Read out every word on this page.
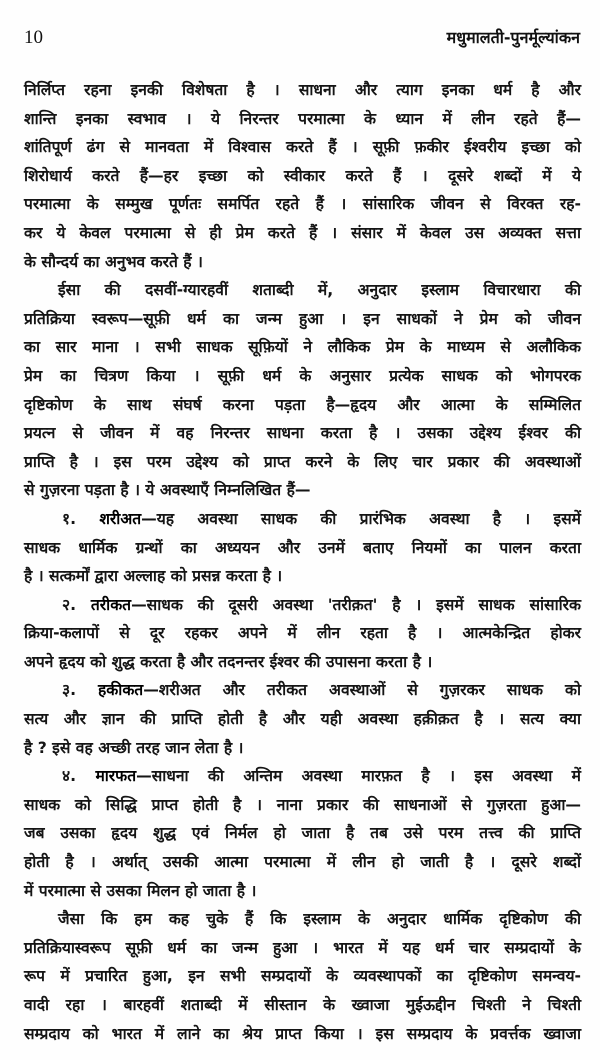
10	मधुमालती-पुनर्मूल्यांकन
निर्लिप्त रहना इनकी विशेषता है । साधना और त्याग इनका धर्म है और
शान्ति इनका स्वभाव । ये निरन्तर परमात्मा के ध्यान में लीन रहते हैं—
शांतिपूर्ण ढंग से मानवता में विश्वास करते हैं । सूफ़ी फ़कीर ईश्वरीय इच्छा को
शिरोधार्य करते हैं—हर इच्छा को स्वीकार करते हैं । दूसरे शब्दों में ये
परमात्मा के सम्मुख पूर्णतः समर्पित रहते हैं । सांसारिक जीवन से विरक्त रह-
कर ये केवल परमात्मा से ही प्रेम करते हैं । संसार में केवल उस अव्यक्त सत्ता
के सौन्दर्य का अनुभव करते हैं ।
ईसा की दसवीं-ग्यारहवीं शताब्दी में, अनुदार इस्लाम विचारधारा की
प्रतिक्रिया स्वरूप—सूफ़ी धर्म का जन्म हुआ । इन साधकों ने प्रेम को जीवन
का सार माना । सभी साधक सूफ़ियों ने लौकिक प्रेम के माध्यम से अलौकिक
प्रेम का चित्रण किया । सूफ़ी धर्म के अनुसार प्रत्येक साधक को भोगपरक
दृष्टिकोण के साथ संघर्ष करना पड़ता है—हृदय और आत्मा के सम्मिलित
प्रयत्न से जीवन में वह निरन्तर साधना करता है । उसका उद्देश्य ईश्वर की
प्राप्ति है । इस परम उद्देश्य को प्राप्त करने के लिए चार प्रकार की अवस्थाओं
से गुज़रना पड़ता है । ये अवस्थाएँ निम्नलिखित हैं—
१. शरीअत—यह अवस्था साधक की प्रारंभिक अवस्था है । इसमें
साधक धार्मिक ग्रन्थों का अध्ययन और उनमें बताए नियमों का पालन करता
है । सत्कर्मों द्वारा अल्लाह को प्रसन्न करता है ।
२. तरीकत—साधक की दूसरी अवस्था 'तरीक़त' है । इसमें साधक सांसारिक
क्रिया-कलापों से दूर रहकर अपने में लीन रहता है । आत्मकेन्द्रित होकर
अपने हृदय को शुद्ध करता है और तदनन्तर ईश्वर की उपासना करता है ।
३. हकीकत—शरीअत और तरीकत अवस्थाओं से गुज़रकर साधक को
सत्य और ज्ञान की प्राप्ति होती है और यही अवस्था हक़ीक़त है । सत्य क्या
है ? इसे वह अच्छी तरह जान लेता है ।
४. मारफत—साधना की अन्तिम अवस्था मारफ़त है । इस अवस्था में
साधक को सिद्धि प्राप्त होती है । नाना प्रकार की साधनाओं से गुज़रता हुआ—
जब उसका हृदय शुद्ध एवं निर्मल हो जाता है तब उसे परम तत्त्व की प्राप्ति
होती है । अर्थात् उसकी आत्मा परमात्मा में लीन हो जाती है । दूसरे शब्दों
में परमात्मा से उसका मिलन हो जाता है ।
जैसा कि हम कह चुके हैं कि इस्लाम के अनुदार धार्मिक दृष्टिकोण की
प्रतिक्रियास्वरूप सूफ़ी धर्म का जन्म हुआ । भारत में यह धर्म चार सम्प्रदायों के
रूप में प्रचारित हुआ, इन सभी सम्प्रदायों के व्यवस्थापकों का दृष्टिकोण समन्वय-
वादी रहा । बारहवीं शताब्दी में सीस्तान के ख्वाजा मुईऊद्दीन चिश्ती ने चिश्ती
सम्प्रदाय को भारत में लाने का श्रेय प्राप्त किया । इस सम्प्रदाय के प्रवर्त्तक ख्वाजा
